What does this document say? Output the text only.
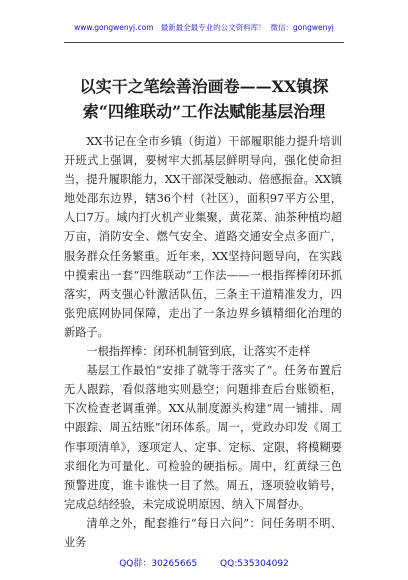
www.gongwenyj.com 最新最全最专业的公文资料库！ 微信：gongwenyj
以实干之笔绘善治画卷——XX镇探索“四维联动”工作法赋能基层治理

XX书记在全市乡镇（街道）干部履职能力提升培训开班式上强调，要树牢大抓基层鲜明导向，强化使命担当，提升履职能力，XX干部深受触动、倍感振奋。XX镇地处邵东边界，辖36个村（社区），面积97平方公里，人口7万。域内打火机产业集聚，黄花菜、油茶种植均超万亩，消防安全、燃气安全、道路交通安全点多面广，服务群众任务繁重。近年来，XX坚持问题导向，在实践中摸索出一套“四维联动”工作法——一根指挥棒闭环抓落实，两支强心针激活队伍，三条主干道精准发力，四张兜底网协同保障，走出了一条边界乡镇精细化治理的新路子。

一根指挥棒：闭环机制管到底，让落实不走样

基层工作最怕“安排了就等于落实了”。任务布置后无人跟踪，看似落地实则悬空；问题排查后台账锁柜，下次检查老调重弹。XX从制度源头构建“周一铺排、周中跟踪、周五结账”闭环体系。周一，党政办印发《周工作事项清单》，逐项定人、定事、定标、定限，将模糊要求细化为可量化、可检验的硬指标。周中，红黄绿三色预警进度，谁卡谁快一目了然。周五，逐项验收销号，完成总结经验，未完成说明原因、纳入下周督办。

清单之外，配套推行“每日六问”：问任务明不明、业务

QQ群：30265665	QQ:535304092
